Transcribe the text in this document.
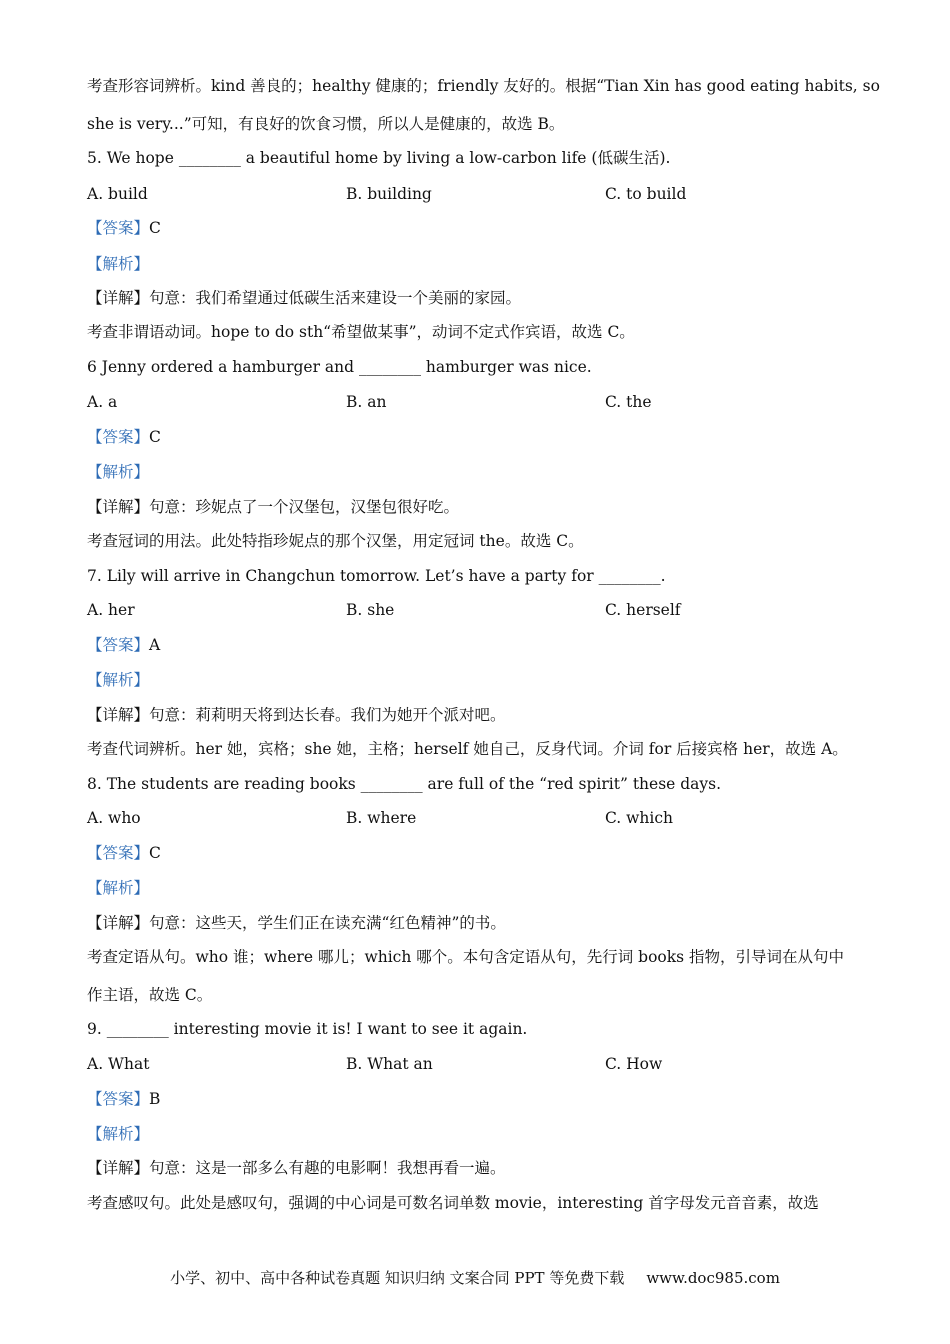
考查形容词辨析。kind 善良的；healthy 健康的；friendly 友好的。根据“Tian Xin has good eating habits, so
she is very...”可知，有良好的饮食习惯，所以人是健康的，故选 B。
5. We hope ________ a beautiful home by living a low-carbon life (低碳生活).
A. build	B. building	C. to build
【答案】C
【解析】
【详解】句意：我们希望通过低碳生活来建设一个美丽的家园。
考查非谓语动词。hope to do sth“希望做某事”，动词不定式作宾语，故选 C。
6 Jenny ordered a hamburger and ________ hamburger was nice.
A. a	B. an	C. the
【答案】C
【解析】
【详解】句意：珍妮点了一个汉堡包，汉堡包很好吃。
考查冠词的用法。此处特指珍妮点的那个汉堡，用定冠词 the。故选 C。
7. Lily will arrive in Changchun tomorrow. Let’s have a party for ________.
A. her	B. she	C. herself
【答案】A
【解析】
【详解】句意：莉莉明天将到达长春。我们为她开个派对吧。
考查代词辨析。her 她，宾格；she 她，主格；herself 她自己，反身代词。介词 for 后接宾格 her，故选 A。
8. The students are reading books ________ are full of the “red spirit” these days.
A. who	B. where	C. which
【答案】C
【解析】
【详解】句意：这些天，学生们正在读充满“红色精神”的书。
考查定语从句。who 谁；where 哪儿；which 哪个。本句含定语从句，先行词 books 指物，引导词在从句中
作主语，故选 C。
9. ________ interesting movie it is! I want to see it again.
A. What	B. What an	C. How
【答案】B
【解析】
【详解】句意：这是一部多么有趣的电影啊！我想再看一遍。
考查感叹句。此处是感叹句，强调的中心词是可数名词单数 movie，interesting 首字母发元音音素，故选
小学、初中、高中各种试卷真题 知识归纳 文案合同 PPT 等免费下载 www.doc985.com
